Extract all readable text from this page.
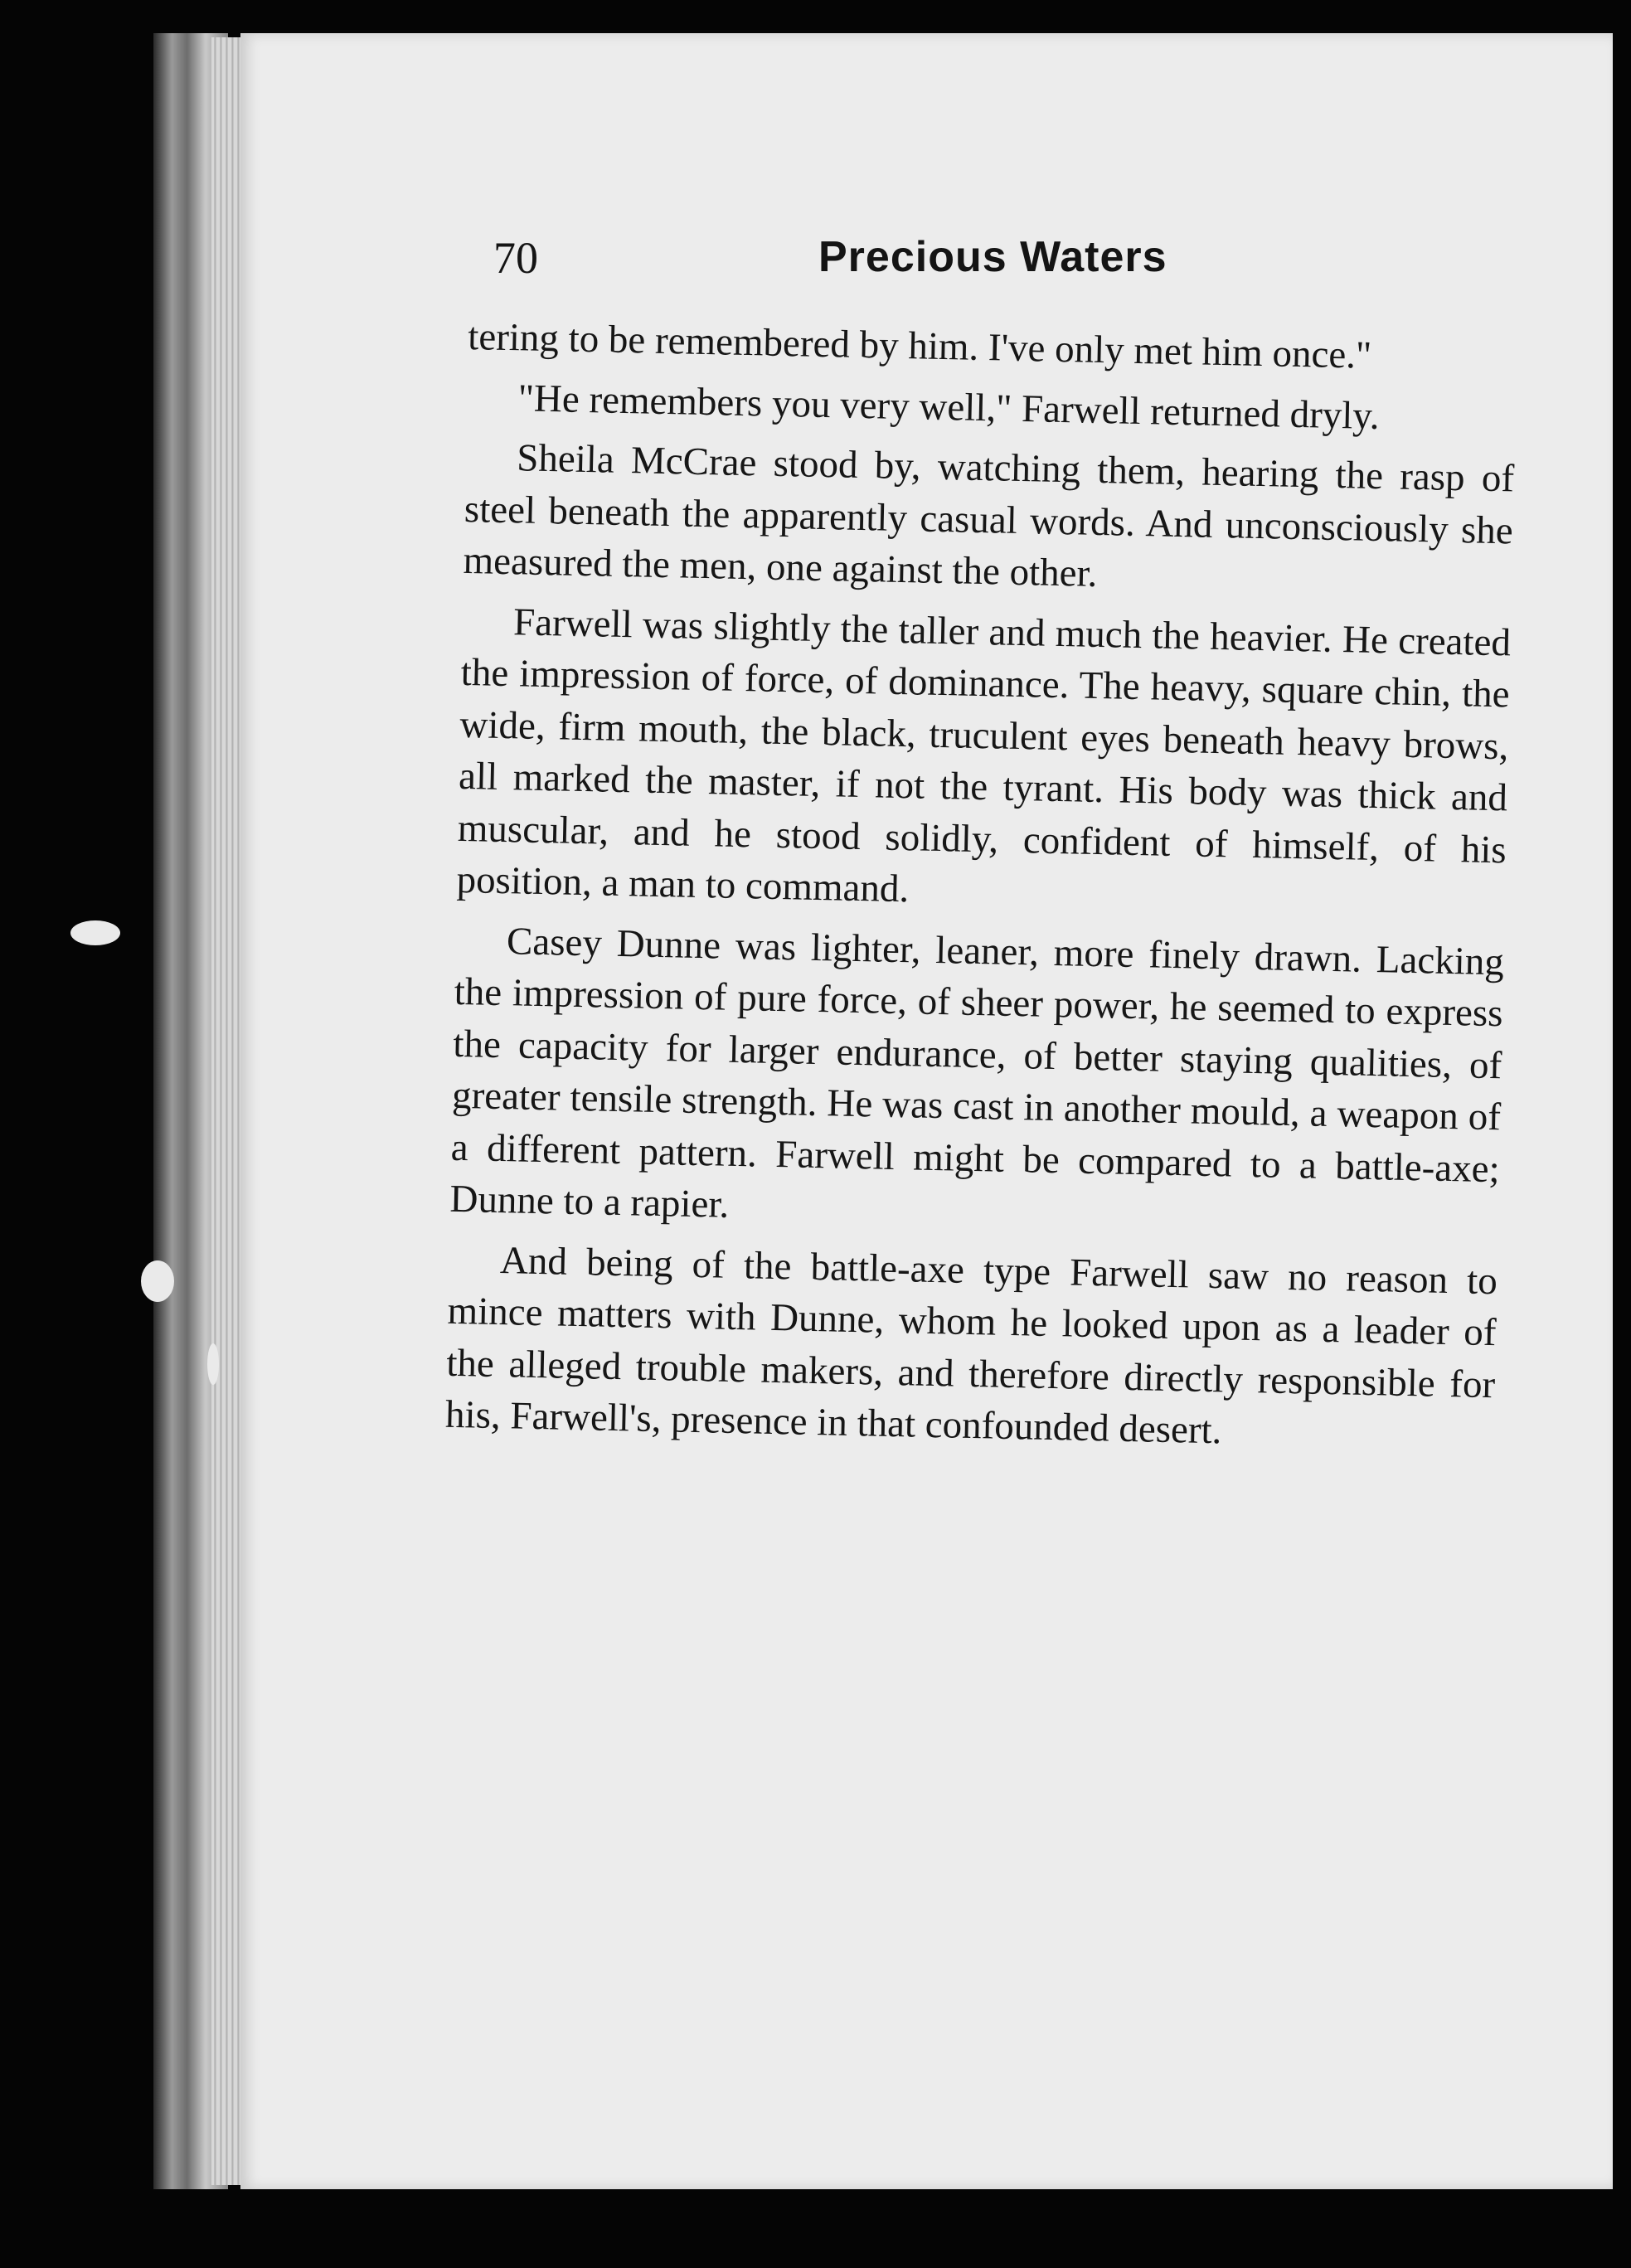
70	Precious Waters

tering to be remembered by him. I've only met him once."

"He remembers you very well," Farwell returned dryly.

Sheila McCrae stood by, watching them, hearing the rasp of steel beneath the apparently casual words. And unconsciously she measured the men, one against the other.

Farwell was slightly the taller and much the heavier. He created the impression of force, of dominance. The heavy, square chin, the wide, firm mouth, the black, truculent eyes beneath heavy brows, all marked the master, if not the tyrant. His body was thick and muscular, and he stood solidly, confident of himself, of his position, a man to command.

Casey Dunne was lighter, leaner, more finely drawn. Lacking the impression of pure force, of sheer power, he seemed to express the capacity for larger endurance, of better staying qualities, of greater tensile strength. He was cast in another mould, a weapon of a different pattern. Farwell might be compared to a battle-axe; Dunne to a rapier.

And being of the battle-axe type Farwell saw no reason to mince matters with Dunne, whom he looked upon as a leader of the alleged trouble makers, and therefore directly responsible for his, Farwell's, presence in that confounded desert.
